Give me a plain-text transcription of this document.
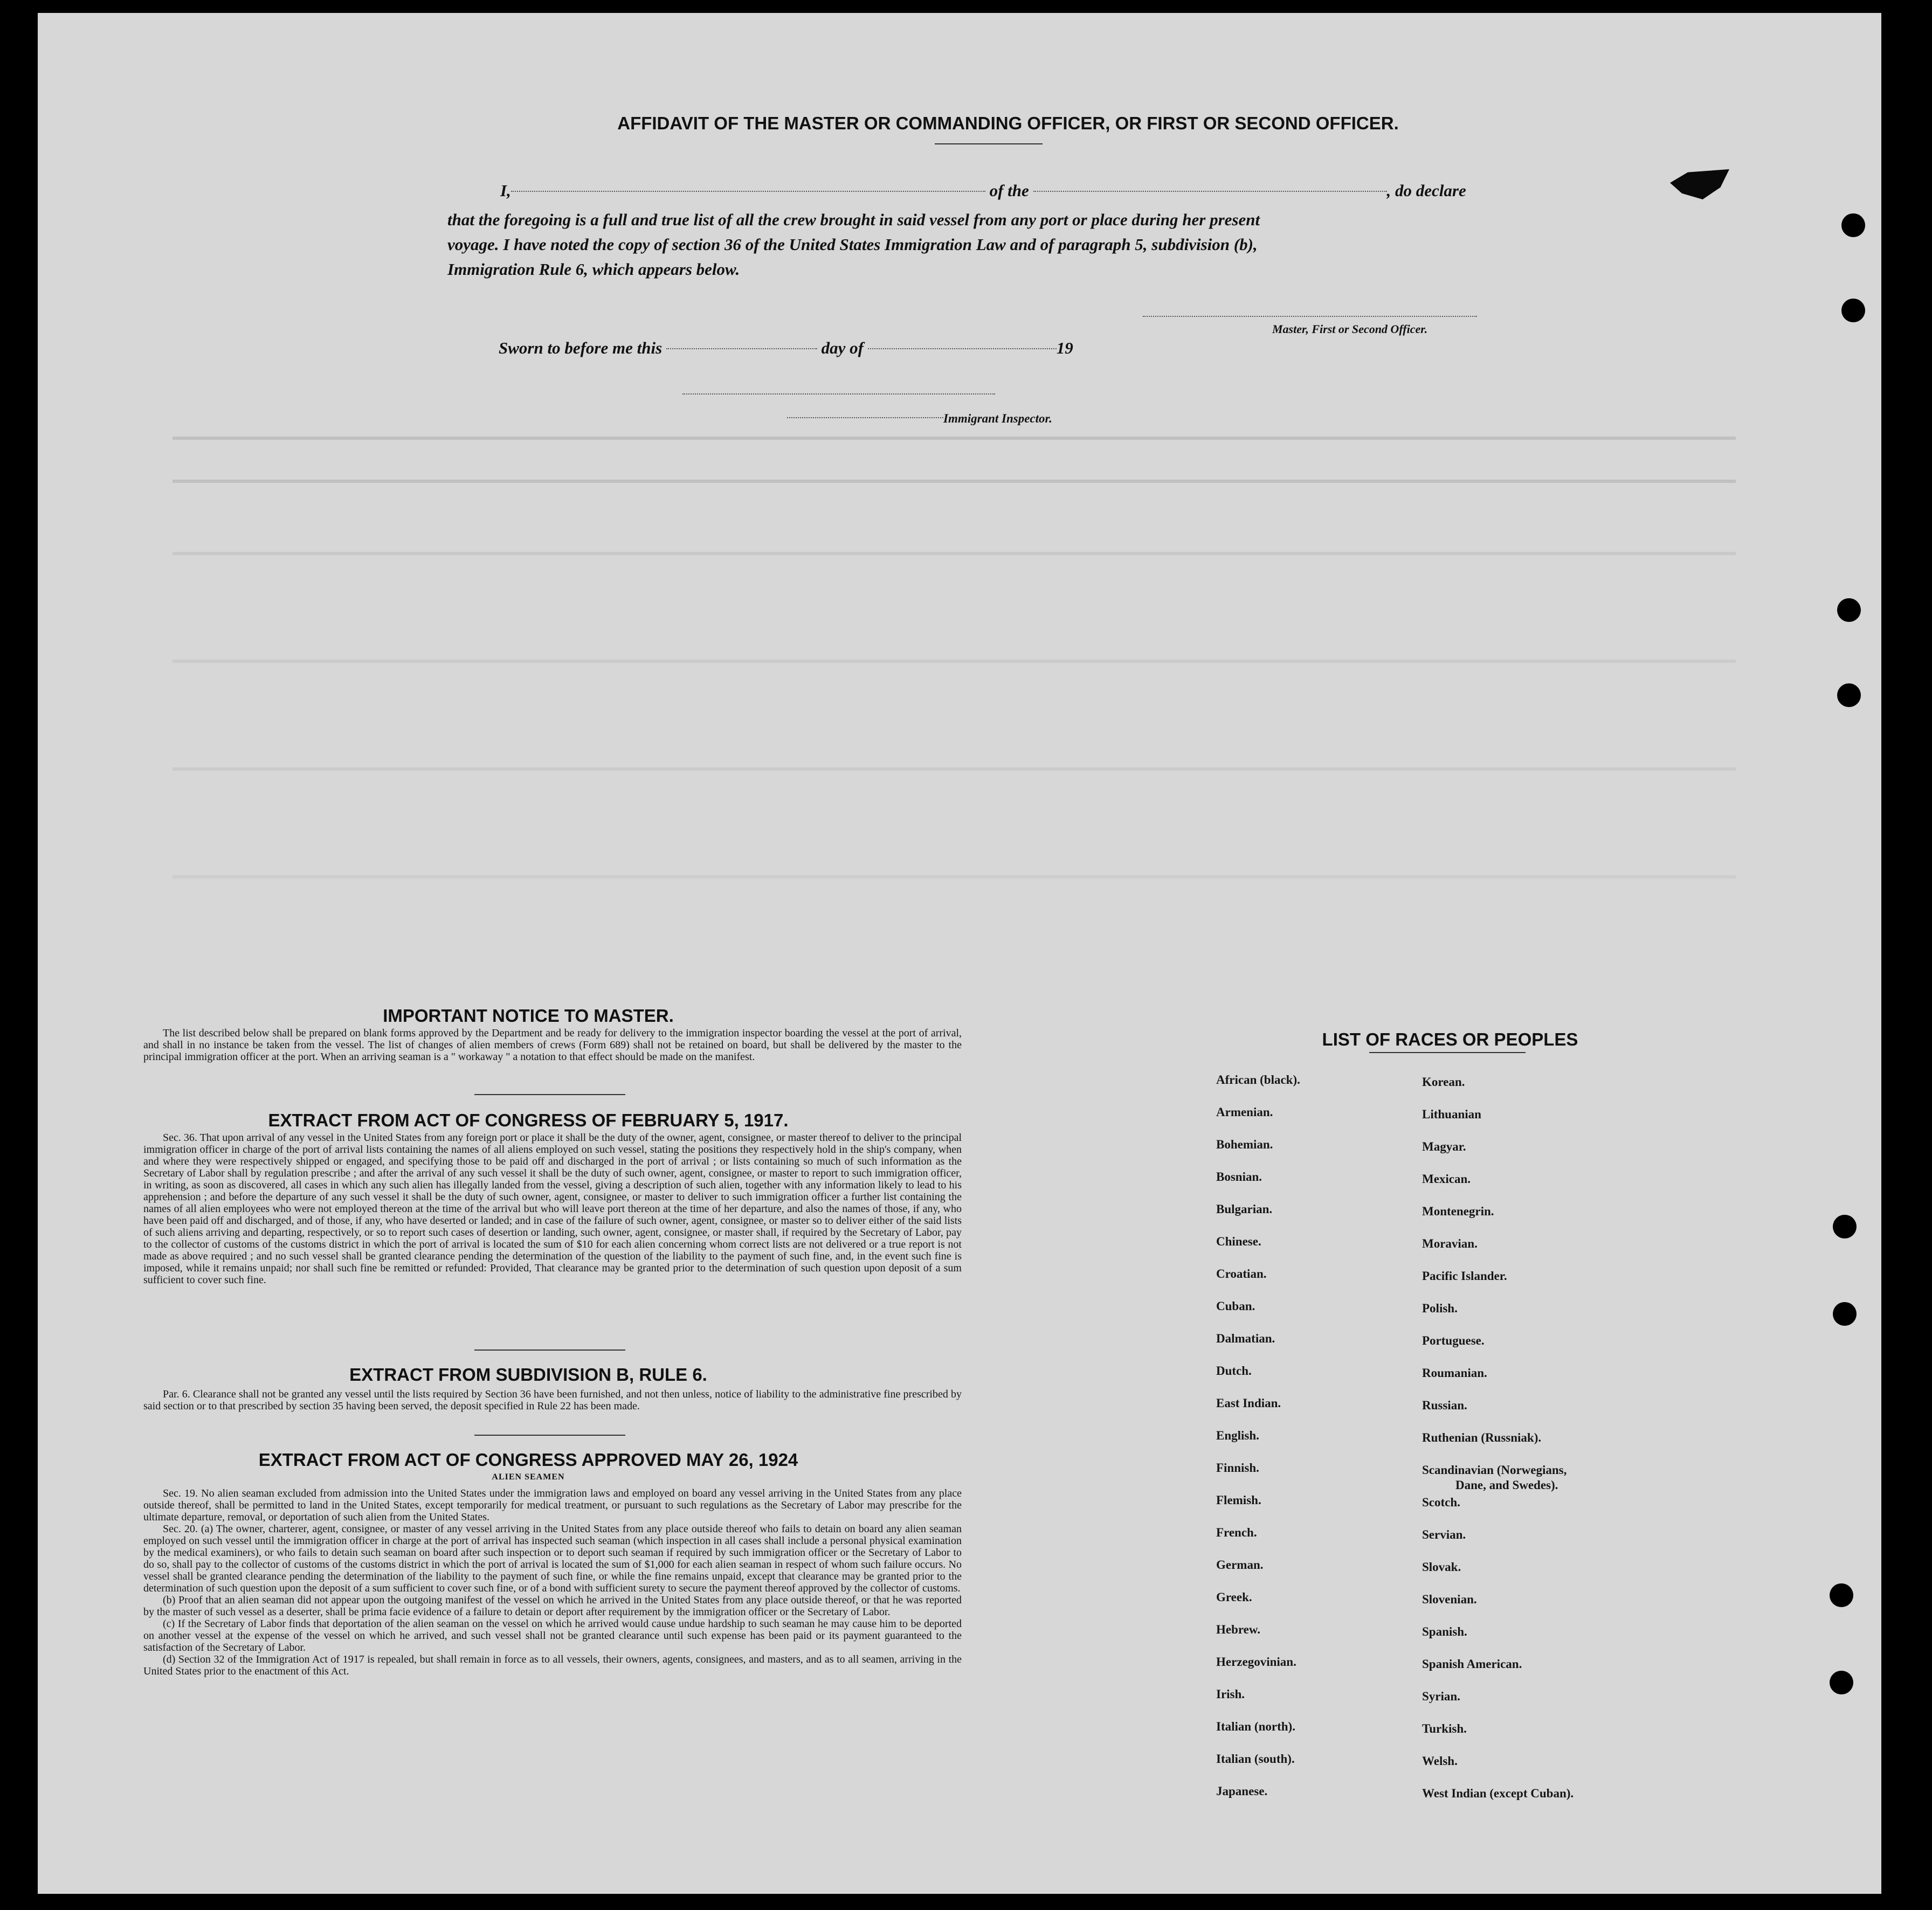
AFFIDAVIT OF THE MASTER OR COMMANDING OFFICER, OR FIRST OR SECOND OFFICER.
I,	of the	, do declare
that the foregoing is a full and true list of all the crew brought in said vessel from any port or place during her present
voyage. I have noted the copy of section 36 of the United States Immigration Law and of paragraph 5, subdivision (b),
Immigration Rule 6, which appears below.
Master, First or Second Officer.
Sworn to before me this	day of	19
Immigrant Inspector.
IMPORTANT NOTICE TO MASTER.

The list described below shall be prepared on blank forms approved by the Department and be ready for delivery to the immigration inspector boarding the vessel at the port of arrival, and shall in no instance be taken from the vessel. The list of changes of alien members of crews (Form 689) shall not be retained on board, but shall be delivered by the master to the principal immigration officer at the port. When an arriving seaman is a " workaway " a notation to that effect should be made on the manifest.

EXTRACT FROM ACT OF CONGRESS OF FEBRUARY 5, 1917.

Sec. 36. That upon arrival of any vessel in the United States from any foreign port or place it shall be the duty of the owner, agent, consignee, or master thereof to deliver to the principal immigration officer in charge of the port of arrival lists containing the names of all aliens employed on such vessel, stating the positions they respectively hold in the ship's company, when and where they were respectively shipped or engaged, and specifying those to be paid off and discharged in the port of arrival ; or lists containing so much of such information as the Secretary of Labor shall by regulation prescribe ; and after the arrival of any such vessel it shall be the duty of such owner, agent, consignee, or master to report to such immigration officer, in writing, as soon as discovered, all cases in which any such alien has illegally landed from the vessel, giving a description of such alien, together with any information likely to lead to his apprehension ; and before the departure of any such vessel it shall be the duty of such owner, agent, consignee, or master to deliver to such immigration officer a further list containing the names of all alien employees who were not employed thereon at the time of the arrival but who will leave port thereon at the time of her departure, and also the names of those, if any, who have been paid off and discharged, and of those, if any, who have deserted or landed; and in case of the failure of such owner, agent, consignee, or master so to deliver either of the said lists of such aliens arriving and departing, respectively, or so to report such cases of desertion or landing, such owner, agent, consignee, or master shall, if required by the Secretary of Labor, pay to the collector of customs of the customs district in which the port of arrival is located the sum of $10 for each alien concerning whom correct lists are not delivered or a true report is not made as above required ; and no such vessel shall be granted clearance pending the determination of the question of the liability to the payment of such fine, and, in the event such fine is imposed, while it remains unpaid; nor shall such fine be remitted or refunded: Provided, That clearance may be granted prior to the determination of such question upon deposit of a sum sufficient to cover such fine.

EXTRACT FROM SUBDIVISION B, RULE 6.

Par. 6. Clearance shall not be granted any vessel until the lists required by Section 36 have been furnished, and not then unless, notice of liability to the administrative fine prescribed by said section or to that prescribed by section 35 having been served, the deposit specified in Rule 22 has been made.

EXTRACT FROM ACT OF CONGRESS APPROVED MAY 26, 1924
ALIEN SEAMEN

Sec. 19. No alien seaman excluded from admission into the United States under the immigration laws and employed on board any vessel arriving in the United States from any place outside thereof, shall be permitted to land in the United States, except temporarily for medical treatment, or pursuant to such regulations as the Secretary of Labor may prescribe for the ultimate departure, removal, or deportation of such alien from the United States.

Sec. 20. (a) The owner, charterer, agent, consignee, or master of any vessel arriving in the United States from any place outside thereof who fails to detain on board any alien seaman employed on such vessel until the immigration officer in charge at the port of arrival has inspected such seaman (which inspection in all cases shall include a personal physical examination by the medical examiners), or who fails to detain such seaman on board after such inspection or to deport such seaman if required by such immigration officer or the Secretary of Labor to do so, shall pay to the collector of customs of the customs district in which the port of arrival is located the sum of $1,000 for each alien seaman in respect of whom such failure occurs. No vessel shall be granted clearance pending the determination of the liability to the payment of such fine, or while the fine remains unpaid, except that clearance may be granted prior to the determination of such question upon the deposit of a sum sufficient to cover such fine, or of a bond with sufficient surety to secure the payment thereof approved by the collector of customs.

(b) Proof that an alien seaman did not appear upon the outgoing manifest of the vessel on which he arrived in the United States from any place outside thereof, or that he was reported by the master of such vessel as a deserter, shall be prima facie evidence of a failure to detain or deport after requirement by the immigration officer or the Secretary of Labor.

(c) If the Secretary of Labor finds that deportation of the alien seaman on the vessel on which he arrived would cause undue hardship to such seaman he may cause him to be deported on another vessel at the expense of the vessel on which he arrived, and such vessel shall not be granted clearance until such expense has been paid or its payment guaranteed to the satisfaction of the Secretary of Labor.

(d) Section 32 of the Immigration Act of 1917 is repealed, but shall remain in force as to all vessels, their owners, agents, consignees, and masters, and as to all seamen, arriving in the United States prior to the enactment of this Act.

LIST OF RACES OR PEOPLES
African (black).
Armenian.
Bohemian.
Bosnian.
Bulgarian.
Chinese.
Croatian.
Cuban.
Dalmatian.
Dutch.
East Indian.
English.
Finnish.
Flemish.
French.
German.
Greek.
Hebrew.
Herzegovinian.
Irish.
Italian (north).
Italian (south).
Japanese.
Korean.
Lithuanian
Magyar.
Mexican.
Montenegrin.
Moravian.
Pacific Islander.
Polish.
Portuguese.
Roumanian.
Russian.
Ruthenian (Russniak).
Scandinavian (Norwegians,
Dane, and Swedes).
Scotch.
Servian.
Slovak.
Slovenian.
Spanish.
Spanish American.
Syrian.
Turkish.
Welsh.
West Indian (except Cuban).
